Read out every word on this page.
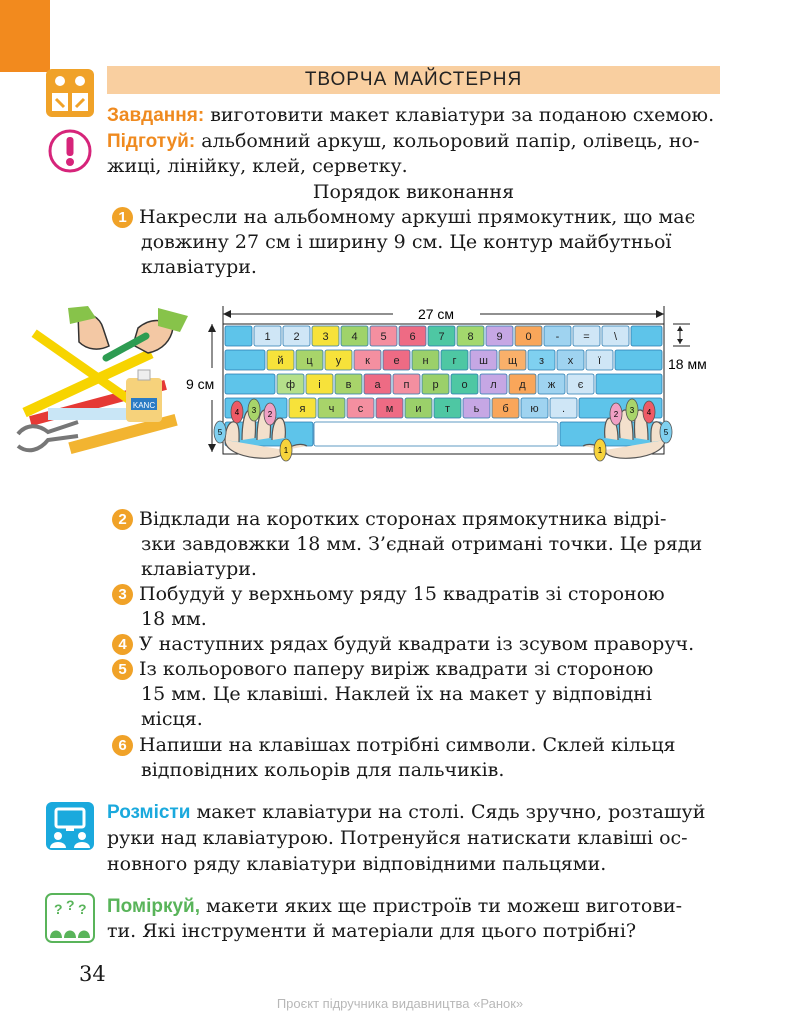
ТВОРЧА МАЙСТЕРНЯ
Завдання: виготовити макет клавіатури за поданою схемою.
Підготуй: альбомний аркуш, кольоровий папір, олівець, но-
жиці, лінійку, клей, серветку.
Порядок виконання
1 Накресли на альбомному аркуші прямокутник, що має
довжину 27 см і ширину 9 см. Це контур майбутньої
клавіатури.
KANC
27 см
9 см
18 мм
1 2 3 4 5 6 7 8 9 0 - = \
й ц у к е н г ш щ з х ї
ф і в а п р о л д ж є
я ч с м и т ь б ю .
5
4 3 2
1	1
2 3 4
5
2 Відклади на коротких сторонах прямокутника відрі-
зки завдовжки 18 мм. З’єднай отримані точки. Це ряди
клавіатури.
3 Побудуй у верхньому ряду 15 квадратів зі стороною
18 мм.
4 У наступних рядах будуй квадрати із зсувом праворуч.
5 Із кольорового паперу виріж квадрати зі стороною
15 мм. Це клавіші. Наклей їх на макет у відповідні
місця.
6 Напиши на клавішах потрібні символи. Склей кільця
відповідних кольорів для пальчиків.
Розмісти макет клавіатури на столі. Сядь зручно, розташуй
руки над клавіатурою. Потренуйся натискати клавіші ос-
новного ряду клавіатури відповідними пальцями.
? ? ? Поміркуй, макети яких ще пристроїв ти можеш виготови-
ти. Які інструменти й матеріали для цього потрібні?
34
Проєкт підручника видавництва «Ранок»
